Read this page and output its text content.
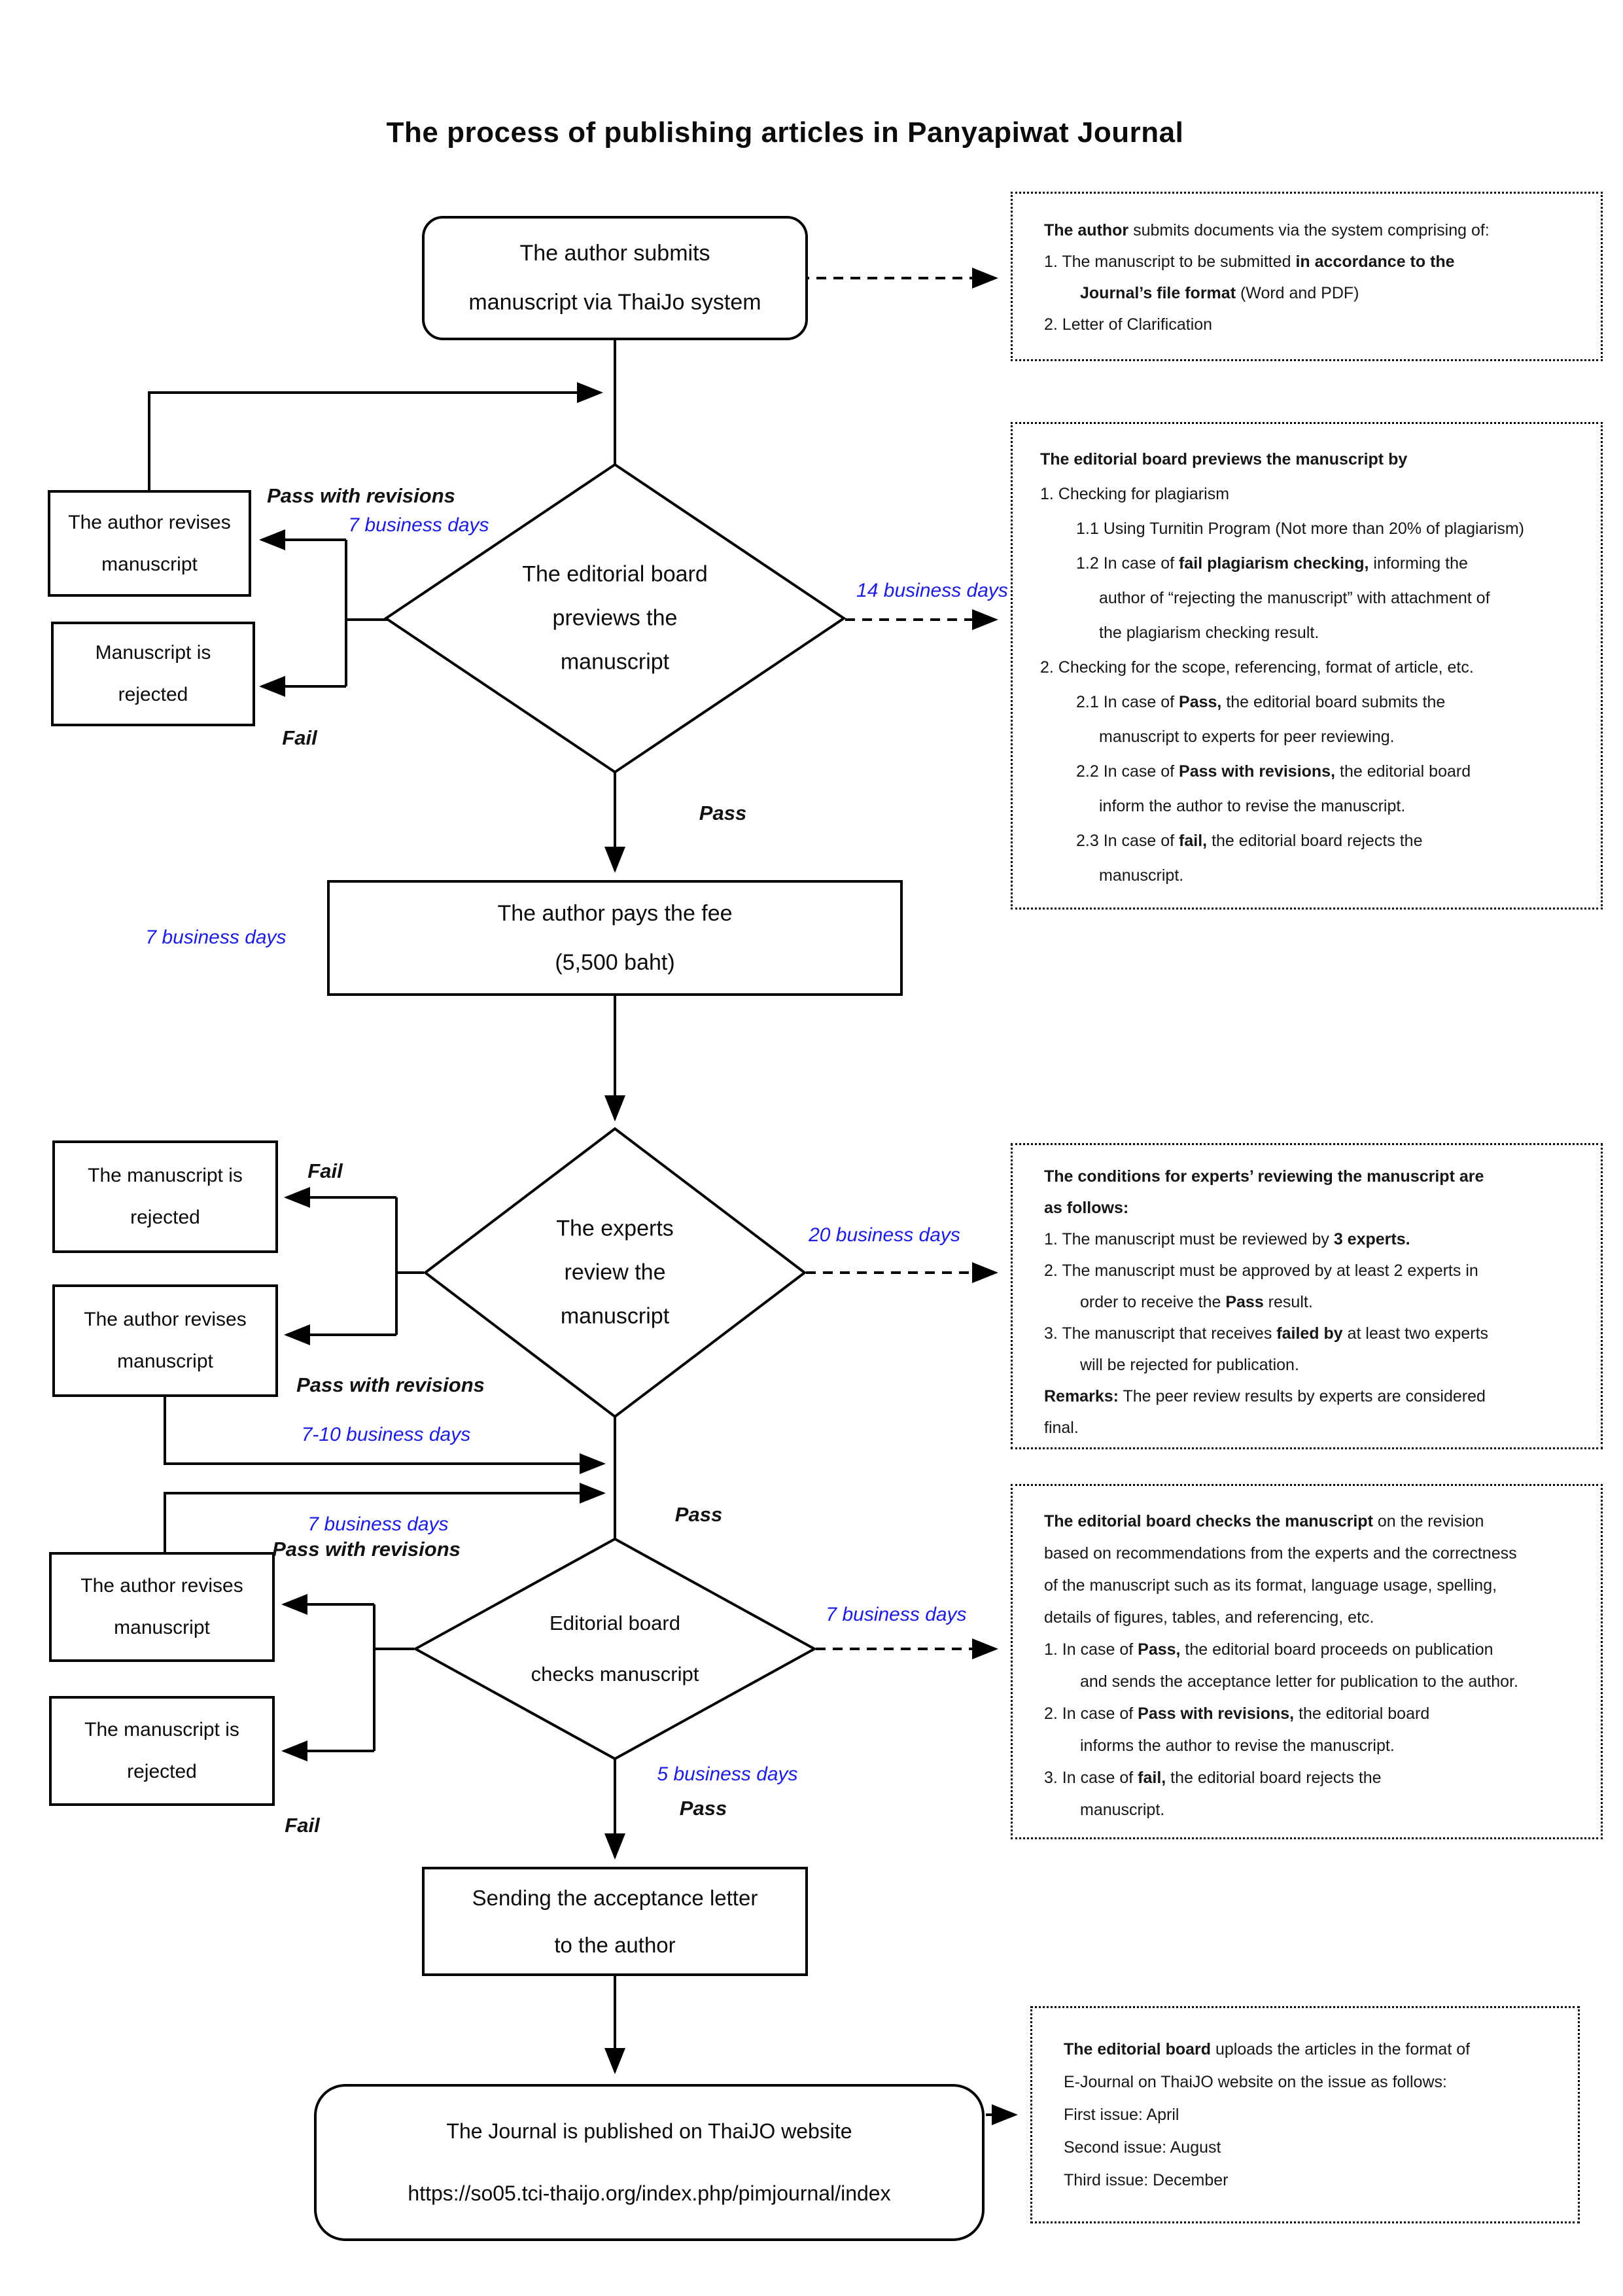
The process of publishing articles in Panyapiwat Journal
The author submits
manuscript via ThaiJo system
The author revises
manuscript
Manuscript is
rejected
The editorial board
previews the
manuscript
The author pays the fee
(5,500 baht)
The manuscript is
rejected
The author revises
manuscript
The experts
review the
manuscript
The author revises
manuscript
The manuscript is
rejected
Editorial board
checks manuscript
Sending the acceptance letter
to the author
The Journal is published on ThaiJO website
https://so05.tci-thaijo.org/index.php/pimjournal/index
Pass with revisions
7 business days
Fail
14 business days
Pass
7 business days
Fail
Pass with revisions
20 business days
7-10 business days
Pass
7 business days
Pass with revisions
7 business days
Fail
5 business days
Pass
The author submits documents via the system comprising of:
1. The manuscript to be submitted in accordance to the
Journal’s file format (Word and PDF)
2. Letter of Clarification
The editorial board previews the manuscript by
1. Checking for plagiarism
1.1 Using Turnitin Program (Not more than 20% of plagiarism)
1.2 In case of fail plagiarism checking, informing the
author of “rejecting the manuscript” with attachment of
the plagiarism checking result.
2. Checking for the scope, referencing, format of article, etc.
2.1 In case of Pass, the editorial board submits the
manuscript to experts for peer reviewing.
2.2 In case of Pass with revisions, the editorial board
inform the author to revise the manuscript.
2.3 In case of fail, the editorial board rejects the
manuscript.
The conditions for experts’ reviewing the manuscript are
as follows:
1. The manuscript must be reviewed by 3 experts.
2. The manuscript must be approved by at least 2 experts in
order to receive the Pass result.
3. The manuscript that receives failed by at least two experts
will be rejected for publication.
Remarks: The peer review results by experts are considered
final.
The editorial board checks the manuscript on the revision
based on recommendations from the experts and the correctness
of the manuscript such as its format, language usage, spelling,
details of figures, tables, and referencing, etc.
1. In case of Pass, the editorial board proceeds on publication
and sends the acceptance letter for publication to the author.
2. In case of Pass with revisions, the editorial board
informs the author to revise the manuscript.
3. In case of fail, the editorial board rejects the
manuscript.
The editorial board uploads the articles in the format of
E-Journal on ThaiJO website on the issue as follows:
First issue: April
Second issue: August
Third issue: December
